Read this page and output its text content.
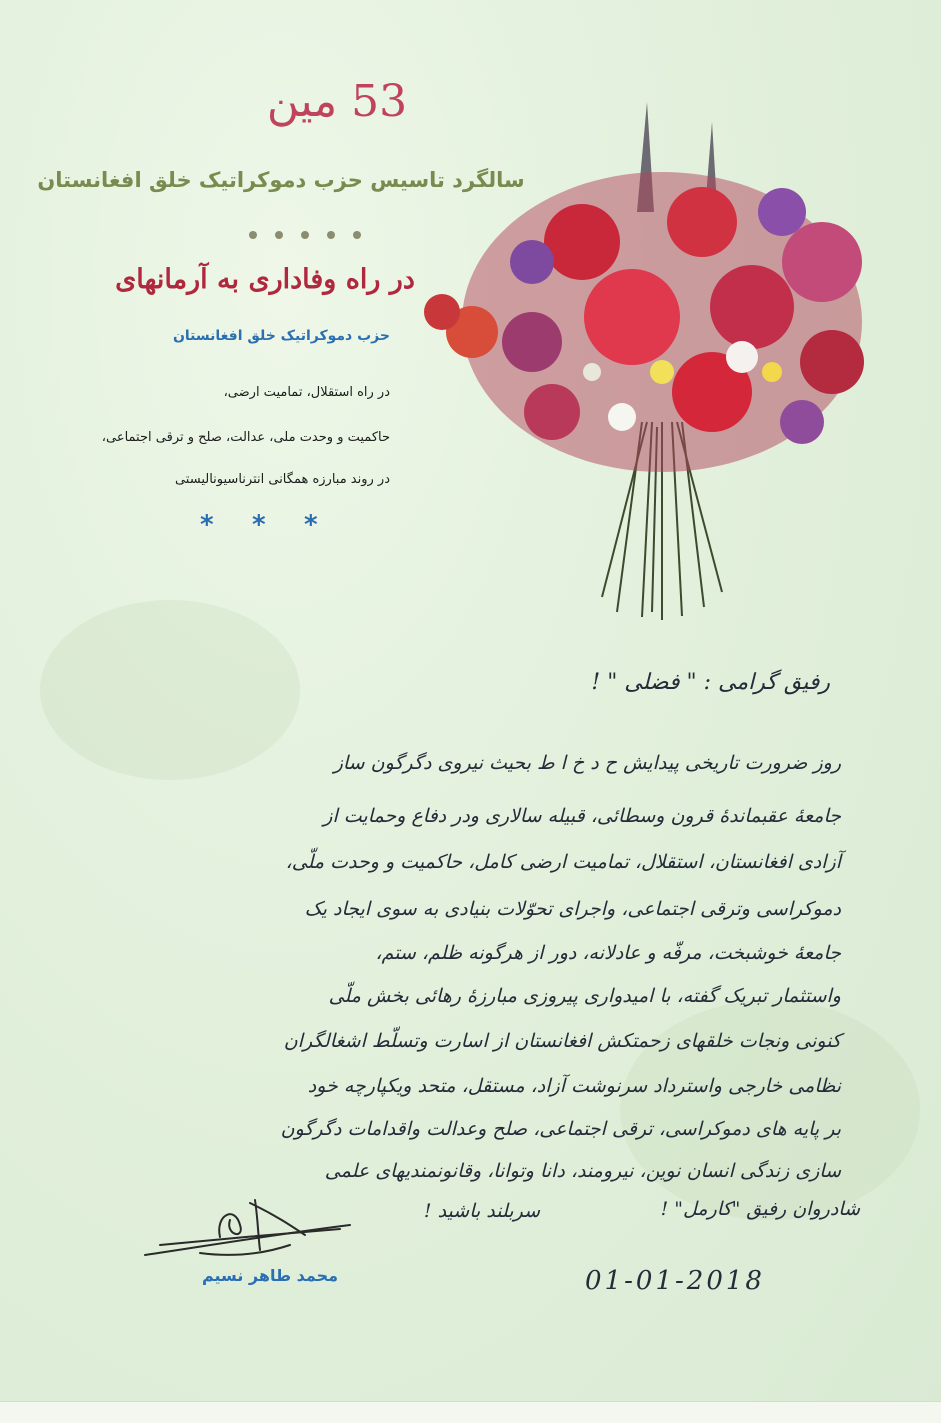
53 مین
سالگرد تاسیس حزب دموکراتیک خلق افغانستان
در راه وفاداری به آرمانهای
حزب دموکراتیک خلق افغانستان
در راه استقلال، تمامیت ارضی،
حاکمیت و وحدت ملی، عدالت، صلح و ترقی اجتماعی،
در روند مبارزه همگانی انترناسیونالیستی
* * *
رفیق گرامی : " فضلی " !
روز ضرورت تاریخی پیدایش ح د خ ا ط بحیث نیروی دگرگون ساز
جامعهٔ عقبماندهٔ قرون وسطائی، قبیله سالاری ودر دفاع وحمایت از
آزادی افغانستان، استقلال، تمامیت ارضی کامل، حاکمیت و وحدت ملّی،
دموکراسی وترقی اجتماعی، واجرای تحوّلات بنیادی به سوی ایجاد یک
جامعهٔ خوشبخت، مرفّه و عادلانه، دور از هرگونه ظلم، ستم،
واستثمار تبریک گفته، با امیدواری پیروزی مبارزهٔ رهائی بخش ملّی
کنونی ونجات خلقهای زحمتکش افغانستان از اسارت وتسلّط اشغالگران
نظامی خارجی واسترداد سرنوشت آزاد، مستقل، متحد ویکپارچه خود
بر پایه های دموکراسی، ترقی اجتماعی، صلح وعدالت واقدامات دگرگون
سازی زندگی انسان نوین، نیرومند، دانا وتوانا، وقانونمندیهای علمی
شادروان رفیق "کارمل" !
سربلند باشید !
محمد طاهر نسیم	01-01-2018
